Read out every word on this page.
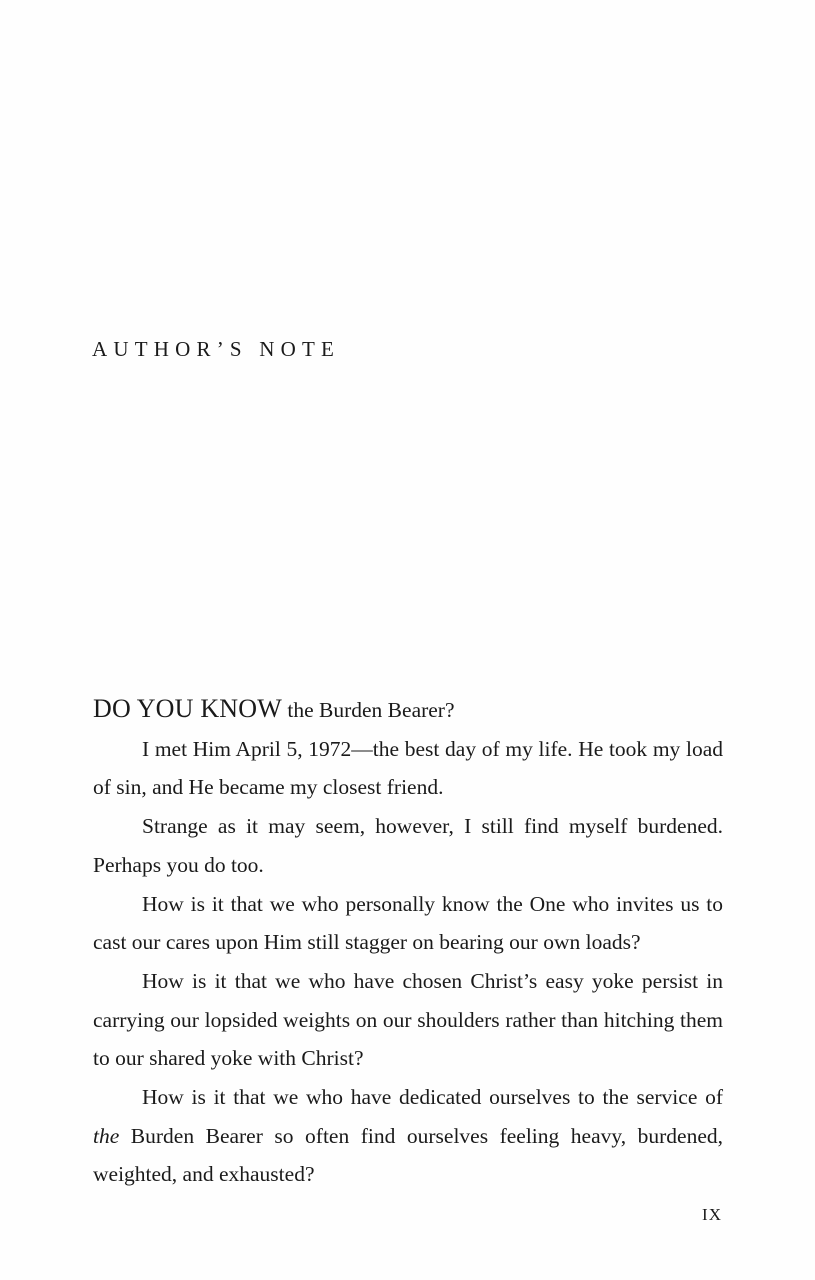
AUTHOR’S NOTE

DO YOU KNOW the Burden Bearer?

I met Him April 5, 1972—the best day of my life. He took my load of sin, and He became my closest friend.

Strange as it may seem, however, I still find myself burdened. Perhaps you do too.

How is it that we who personally know the One who invites us to cast our cares upon Him still stagger on bearing our own loads?

How is it that we who have chosen Christ’s easy yoke persist in carrying our lopsided weights on our shoulders rather than hitching them to our shared yoke with Christ?

How is it that we who have dedicated ourselves to the service of the Burden Bearer so often find ourselves feeling heavy, burdened, weighted, and exhausted?

IX
